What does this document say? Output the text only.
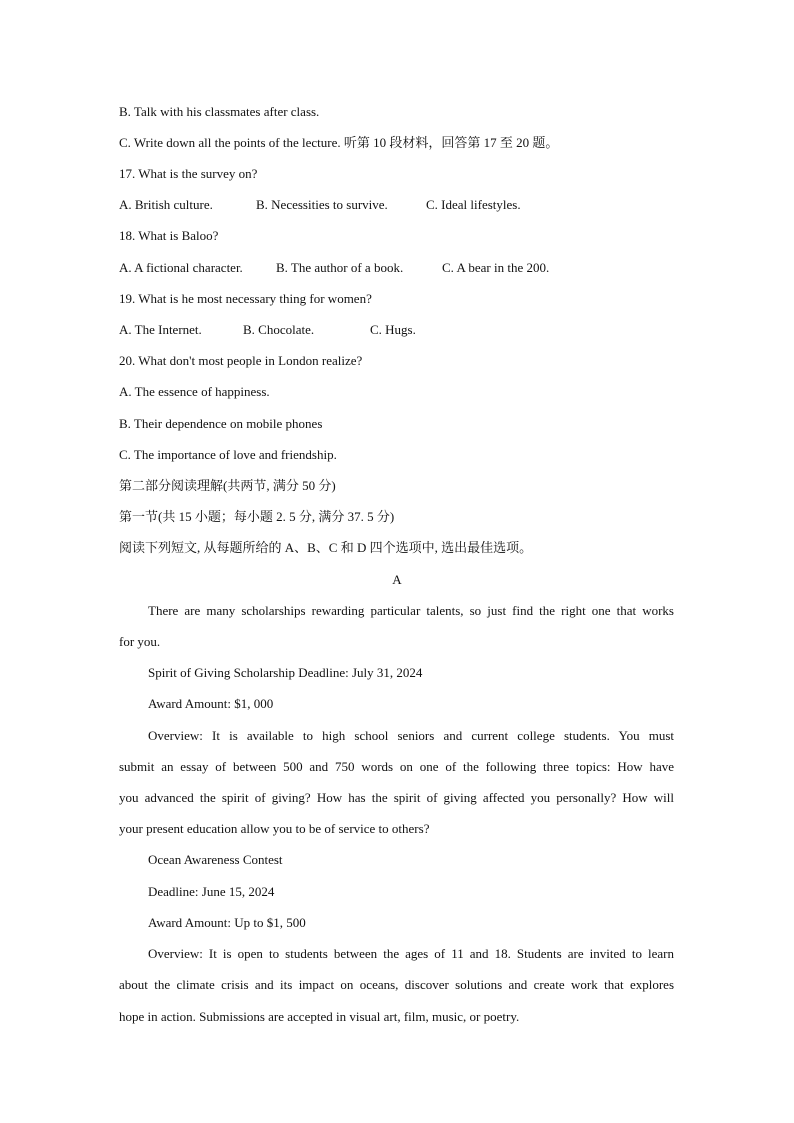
B. Talk with his classmates after class.
C. Write down all the points of the lecture. 听第 10 段材料，回答第 17 至 20 题。
17. What is the survey on?
A. British culture.	B. Necessities to survive.	C. Ideal lifestyles.
18. What is Baloo?
A. A fictional character.	B. The author of a book.	C. A bear in the 200.
19. What is he most necessary thing for women?
A. The Internet.	B. Chocolate.	C. Hugs.
20. What don't most people in London realize?
A. The essence of happiness.
B. Their dependence on mobile phones
C. The importance of love and friendship.
第二部分阅读理解(共两节, 满分 50 分)
第一节(共 15 小题；每小题 2. 5 分, 满分 37. 5 分)
阅读下列短文, 从每题所给的 A、B、C 和 D 四个选项中, 选出最佳选项。
A
There are many scholarships rewarding particular talents, so just find the right one that works
for you.
Spirit of Giving Scholarship Deadline: July 31, 2024
Award Amount: $1, 000
Overview: It is available to high school seniors and current college students. You must
submit an essay of between 500 and 750 words on one of the following three topics: How have
you advanced the spirit of giving? How has the spirit of giving affected you personally? How will
your present education allow you to be of service to others?
Ocean Awareness Contest
Deadline: June 15, 2024
Award Amount: Up to $1, 500
Overview: It is open to students between the ages of 11 and 18. Students are invited to learn
about the climate crisis and its impact on oceans, discover solutions and create work that explores
hope in action. Submissions are accepted in visual art, film, music, or poetry.
